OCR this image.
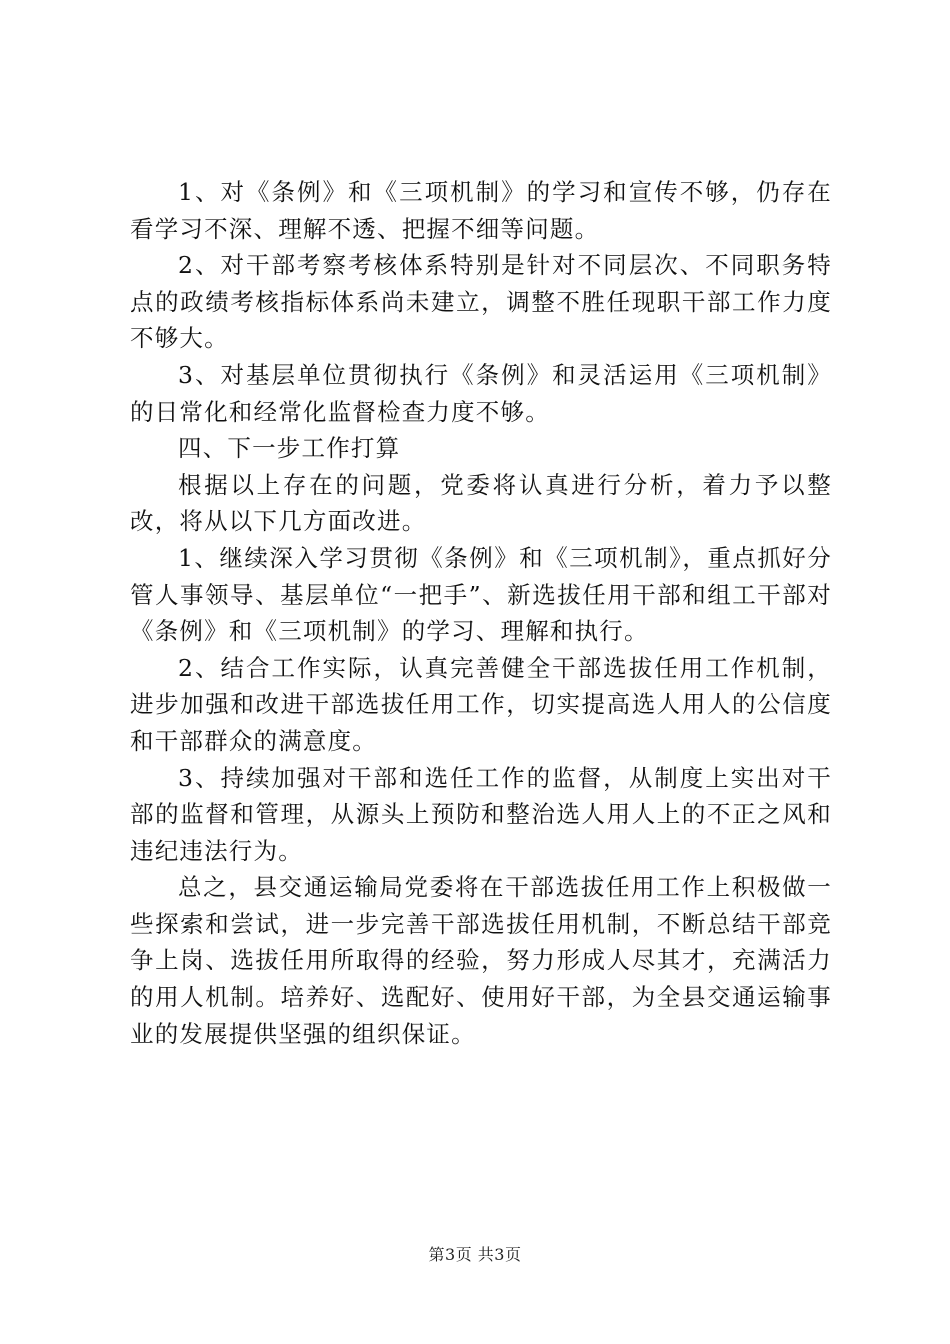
1、对《条例》和《三项机制》的学习和宣传不够，仍存在看学习不深、理解不透、把握不细等问题。

2、对干部考察考核体系特别是针对不同层次、不同职务特点的政绩考核指标体系尚未建立，调整不胜任现职干部工作力度不够大。

3、对基层单位贯彻执行《条例》和灵活运用《三项机制》的日常化和经常化监督检查力度不够。

四、下一步工作打算

根据以上存在的问题，党委将认真进行分析，着力予以整改，将从以下几方面改进。

1、继续深入学习贯彻《条例》和《三项机制》，重点抓好分管人事领导、基层单位“一把手”、新选拔任用干部和组工干部对《条例》和《三项机制》的学习、理解和执行。

2、结合工作实际，认真完善健全干部选拔任用工作机制，进步加强和改进干部选拔任用工作，切实提高选人用人的公信度和干部群众的满意度。

3、持续加强对干部和选任工作的监督，从制度上实出对干部的监督和管理，从源头上预防和整治选人用人上的不正之风和违纪违法行为。

总之，县交通运输局党委将在干部选拔任用工作上积极做一些探索和尝试，进一步完善干部选拔任用机制，不断总结干部竞争上岗、选拔任用所取得的经验，努力形成人尽其才，充满活力的用人机制。培养好、选配好、使用好干部，为全县交通运输事业的发展提供坚强的组织保证。

第3页 共3页
